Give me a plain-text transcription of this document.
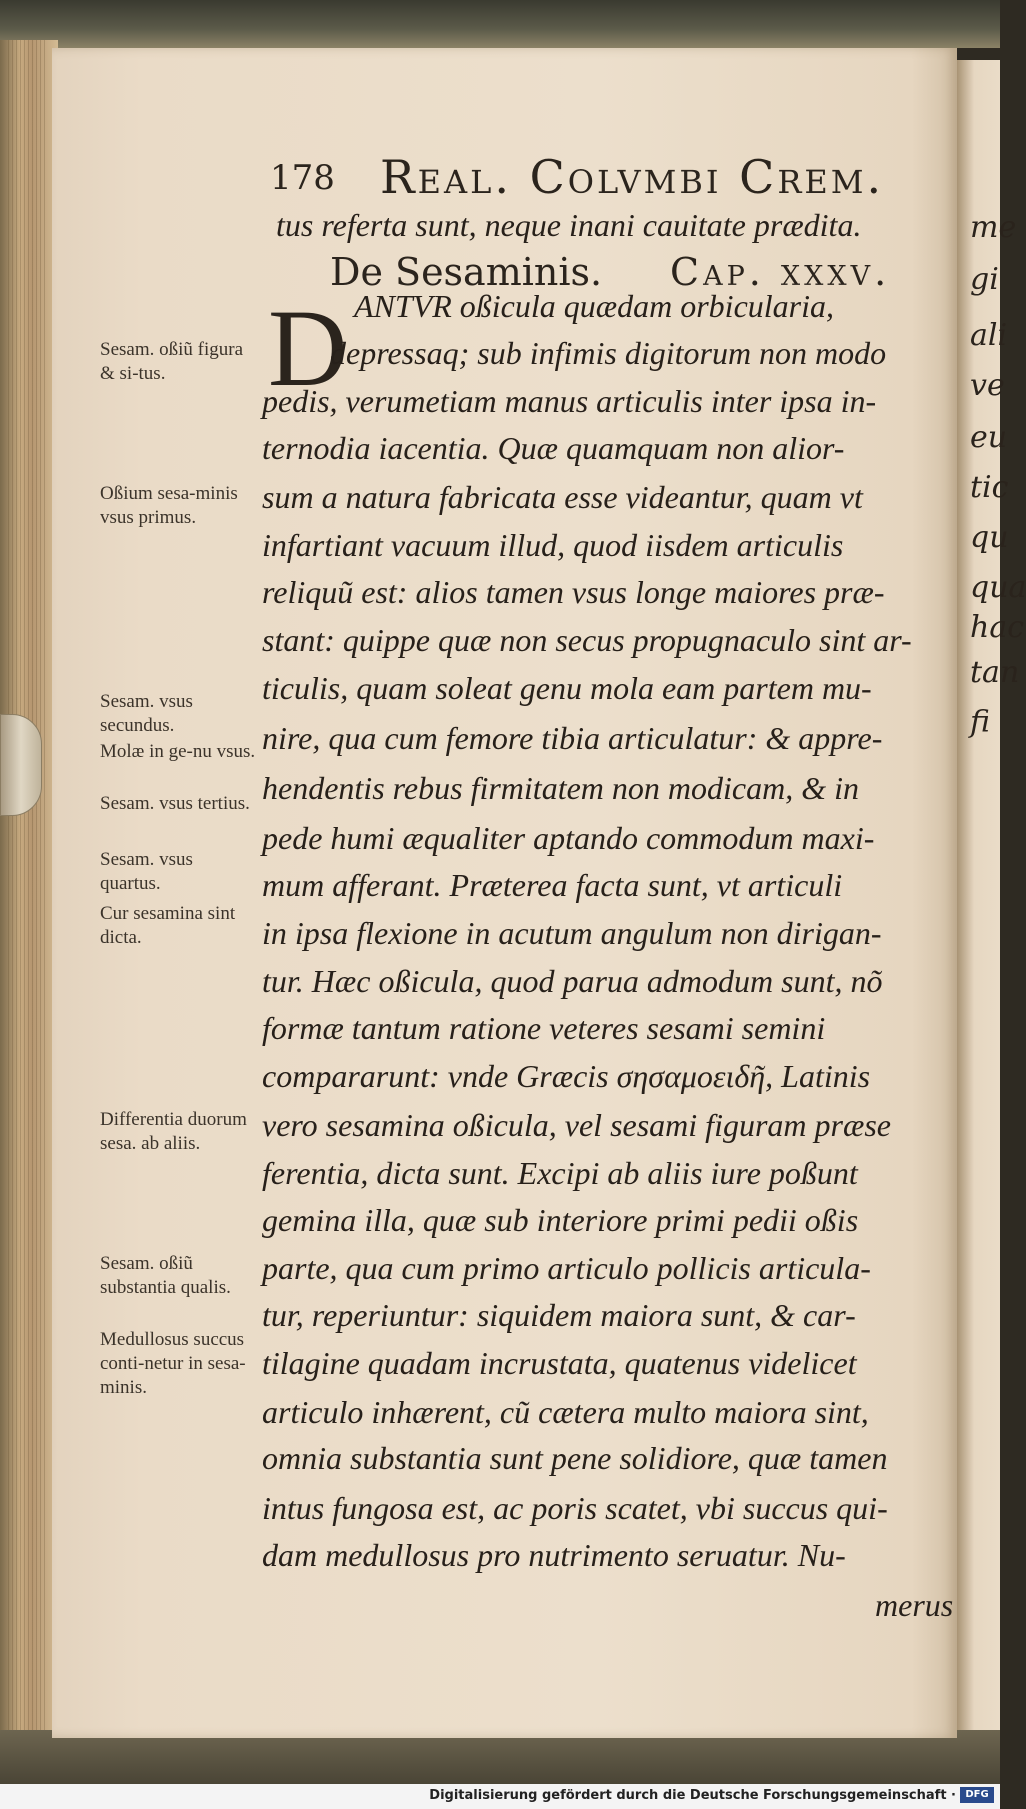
me
gi
ali
ve
eu
tic
qu
qua
hac
tan
fi
178 Real. Colvmbi Crem.
tus referta sunt, neque inani cauitate prædita.
De Sesaminis. Cap. xxxv.
D ANTVR oßicula quædam orbicularia,
depressaq; sub infimis digitorum non modo
pedis, verumetiam manus articulis inter ipsa in-
ternodia iacentia. Quæ quamquam non alior-
sum a natura fabricata esse videantur, quam vt
infartiant vacuum illud, quod iisdem articulis
reliquũ est: alios tamen vsus longe maiores præ-
stant: quippe quæ non secus propugnaculo sint ar-
ticulis, quam soleat genu mola eam partem mu-
nire, qua cum femore tibia articulatur: & appre-
hendentis rebus firmitatem non modicam, & in
pede humi æqualiter aptando commodum maxi-
mum afferant. Præterea facta sunt, vt articuli
in ipsa flexione in acutum angulum non dirigan-
tur. Hæc oßicula, quod parua admodum sunt, nõ
formæ tantum ratione veteres sesami semini
compararunt: vnde Græcis σησαμοειδῆ, Latinis
vero sesamina oßicula, vel sesami figuram præse
ferentia, dicta sunt. Excipi ab aliis iure poßunt
gemina illa, quæ sub interiore primi pedii oßis
parte, qua cum primo articulo pollicis articula-
tur, reperiuntur: siquidem maiora sunt, & car-
tilagine quadam incrustata, quatenus videlicet
articulo inhærent, cũ cætera multo maiora sint,
omnia substantia sunt pene solidiore, quæ tamen
intus fungosa est, ac poris scatet, vbi succus qui-
dam medullosus pro nutrimento seruatur. Nu-
merus
Sesam. oßiũ figura & si-tus.
Oßium sesa-minis vsus primus.
Sesam. vsus secundus.
Molæ in ge-nu vsus.
Sesam. vsus tertius.
Sesam. vsus quartus.
Cur sesamina sint dicta.
Differentia duorum sesa. ab aliis.
Sesam. oßiũ substantia qualis.
Medullosus succus conti-netur in sesa-minis.
Digitalisierung gefördert durch die Deutsche Forschungsgemeinschaft · DFG
